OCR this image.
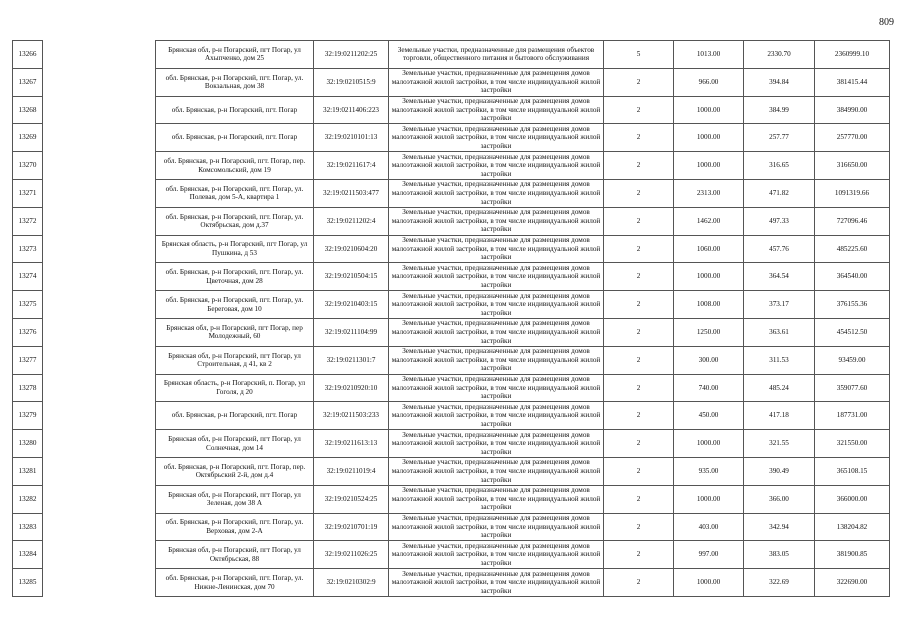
809
13266		Брянская обл, р-н Погарский, пгт Погар, ул Ахыпченко, дом 25	32:19:0211202:25	Земельные участки, предназначенные для размещения объектов торговли, общественного питания и бытового обслуживания	5	1013.00	2330.70	2360999.10
13267		обл. Брянская, р-н Погарский, пгт. Погар, ул. Вокзальная, дом 38	32:19:0210515:9	Земельные участки, предназначенные для размещения домов малоэтажной жилой застройки, в том числе индивидуальной жилой застройки	2	966.00	394.84	381415.44
13268		обл. Брянская, р-н Погарский, пгт. Погар	32:19:0211406:223	Земельные участки, предназначенные для размещения домов малоэтажной жилой застройки, в том числе индивидуальной жилой застройки	2	1000.00	384.99	384990.00
13269		обл. Брянская, р-н Погарский, пгт. Погар	32:19:0210101:13	Земельные участки, предназначенные для размещения домов малоэтажной жилой застройки, в том числе индивидуальной жилой застройки	2	1000.00	257.77	257770.00
13270		обл. Брянская, р-н Погарский, пгт. Погар, пер. Комсомольский, дом 19	32:19:0211617:4	Земельные участки, предназначенные для размещения домов малоэтажной жилой застройки, в том числе индивидуальной жилой застройки	2	1000.00	316.65	316650.00
13271		обл. Брянская, р-н Погарский, пгт. Погар, ул. Полевая, дом 5-А, квартира 1	32:19:0211503:477	Земельные участки, предназначенные для размещения домов малоэтажной жилой застройки, в том числе индивидуальной жилой застройки	2	2313.00	471.82	1091319.66
13272		обл. Брянская, р-н Погарский, пгт. Погар, ул. Октябрьская, дом д.37	32:19:0211202:4	Земельные участки, предназначенные для размещения домов малоэтажной жилой застройки, в том числе индивидуальной жилой застройки	2	1462.00	497.33	727096.46
13273		Брянская область, р-н Погарский, пгт Погар, ул Пушкина, д 53	32:19:0210604:20	Земельные участки, предназначенные для размещения домов малоэтажной жилой застройки, в том числе индивидуальной жилой застройки	2	1060.00	457.76	485225.60
13274		обл. Брянская, р-н Погарский, пгт. Погар, ул. Цветочная, дом 28	32:19:0210504:15	Земельные участки, предназначенные для размещения домов малоэтажной жилой застройки, в том числе индивидуальной жилой застройки	2	1000.00	364.54	364540.00
13275		обл. Брянская, р-н Погарский, пгт. Погар, ул. Береговая, дом 10	32:19:0210403:15	Земельные участки, предназначенные для размещения домов малоэтажной жилой застройки, в том числе индивидуальной жилой застройки	2	1008.00	373.17	376155.36
13276		Брянская обл, р-н Погарский, пгт Погар, пер Молодежный, 60	32:19:0211104:99	Земельные участки, предназначенные для размещения домов малоэтажной жилой застройки, в том числе индивидуальной жилой застройки	2	1250.00	363.61	454512.50
13277		Брянская обл, р-н Погарский, пгт Погар, ул Строительная, д 41, кв 2	32:19:0211301:7	Земельные участки, предназначенные для размещения домов малоэтажной жилой застройки, в том числе индивидуальной жилой застройки	2	300.00	311.53	93459.00
13278		Брянская область, р-н Погарский, п. Погар, ул Гоголя, д 20	32:19:0210920:10	Земельные участки, предназначенные для размещения домов малоэтажной жилой застройки, в том числе индивидуальной жилой застройки	2	740.00	485.24	359077.60
13279		обл. Брянская, р-н Погарский, пгт. Погар	32:19:0211503:233	Земельные участки, предназначенные для размещения домов малоэтажной жилой застройки, в том числе индивидуальной жилой застройки	2	450.00	417.18	187731.00
13280		Брянская обл, р-н Погарский, пгт Погар, ул Солнечная, дом 14	32:19:0211613:13	Земельные участки, предназначенные для размещения домов малоэтажной жилой застройки, в том числе индивидуальной жилой застройки	2	1000.00	321.55	321550.00
13281		обл. Брянская, р-н Погарский, пгт. Погар, пер. Октябрьский 2-й, дом д.4	32:19:0211019:4	Земельные участки, предназначенные для размещения домов малоэтажной жилой застройки, в том числе индивидуальной жилой застройки	2	935.00	390.49	365108.15
13282		Брянская обл, р-н Погарский, пгт Погар, ул Зеленая, дом 38 А	32:19:0210524:25	Земельные участки, предназначенные для размещения домов малоэтажной жилой застройки, в том числе индивидуальной жилой застройки	2	1000.00	366.00	366000.00
13283		обл. Брянская, р-н Погарский, пгт. Погар, ул. Верховая, дом 2-А	32:19:0210701:19	Земельные участки, предназначенные для размещения домов малоэтажной жилой застройки, в том числе индивидуальной жилой застройки	2	403.00	342.94	138204.82
13284		Брянская обл, р-н Погарский, пгт Погар, ул Октябрьская, 88	32:19:0211026:25	Земельные участки, предназначенные для размещения домов малоэтажной жилой застройки, в том числе индивидуальной жилой застройки	2	997.00	383.05	381900.85
13285		обл. Брянская, р-н Погарский, пгт. Погар, ул. Нижне-Ленинская, дом 70	32:19:0210302:9	Земельные участки, предназначенные для размещения домов малоэтажной жилой застройки, в том числе индивидуальной жилой застройки	2	1000.00	322.69	322690.00
